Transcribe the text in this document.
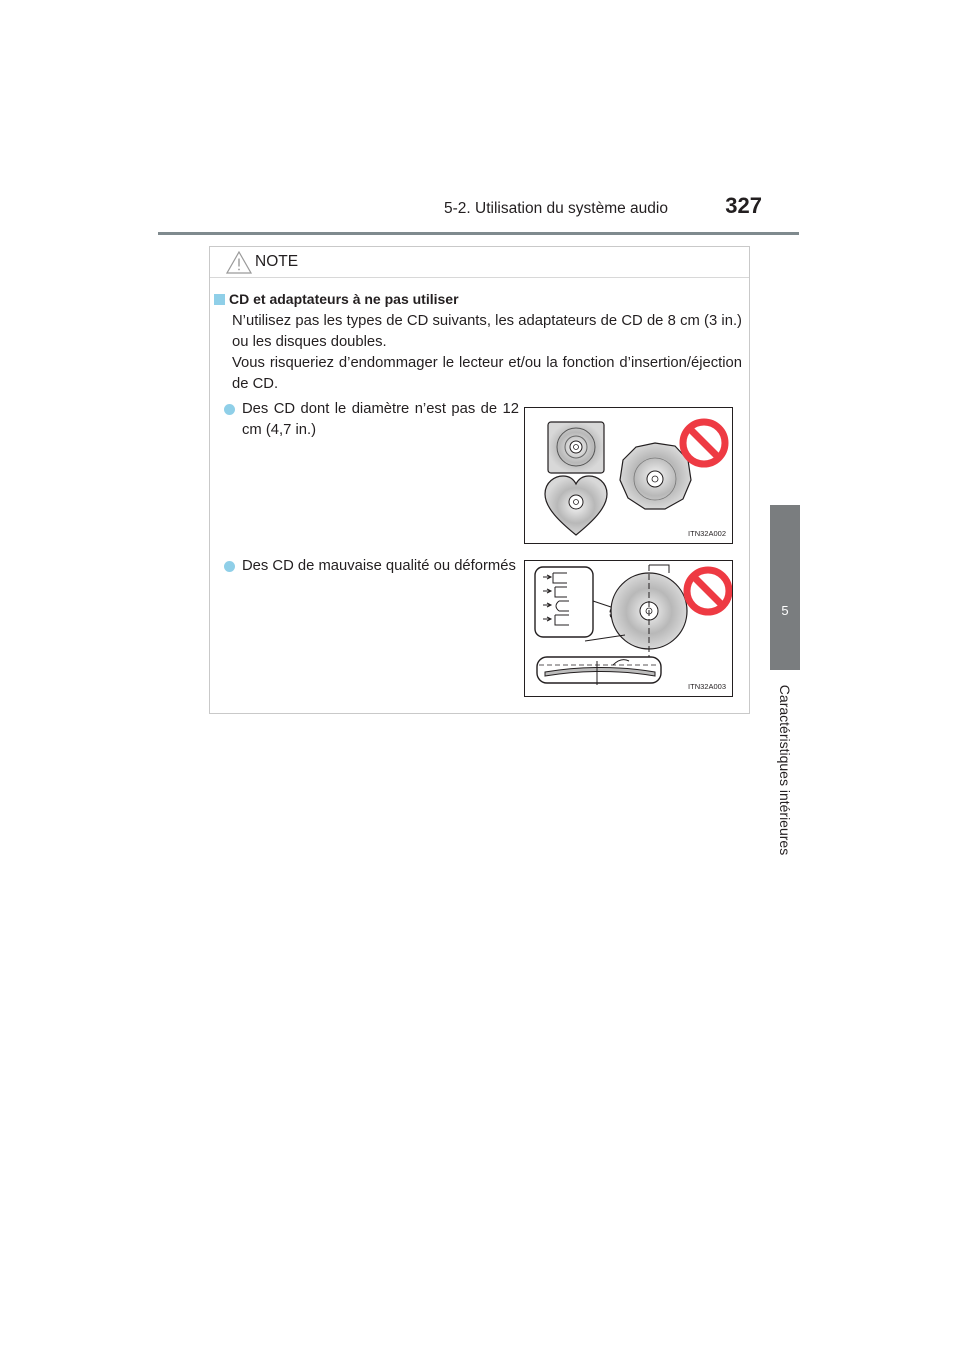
5-2. Utilisation du système audio	327
5
Caractéristiques intérieures
NOTE
CD et adaptateurs à ne pas utiliser

N’utilisez pas les types de CD suivants, les adaptateurs de CD de 8 cm (3 in.) ou les disques doubles.

Vous risqueriez d’endommager le lecteur et/ou la fonction d’insertion/éjection de CD.

Des CD dont le diamètre n’est pas de 12 cm (4,7 in.)
ITN32A002
Des CD de mauvaise qualité ou déformés
ITN32A003
